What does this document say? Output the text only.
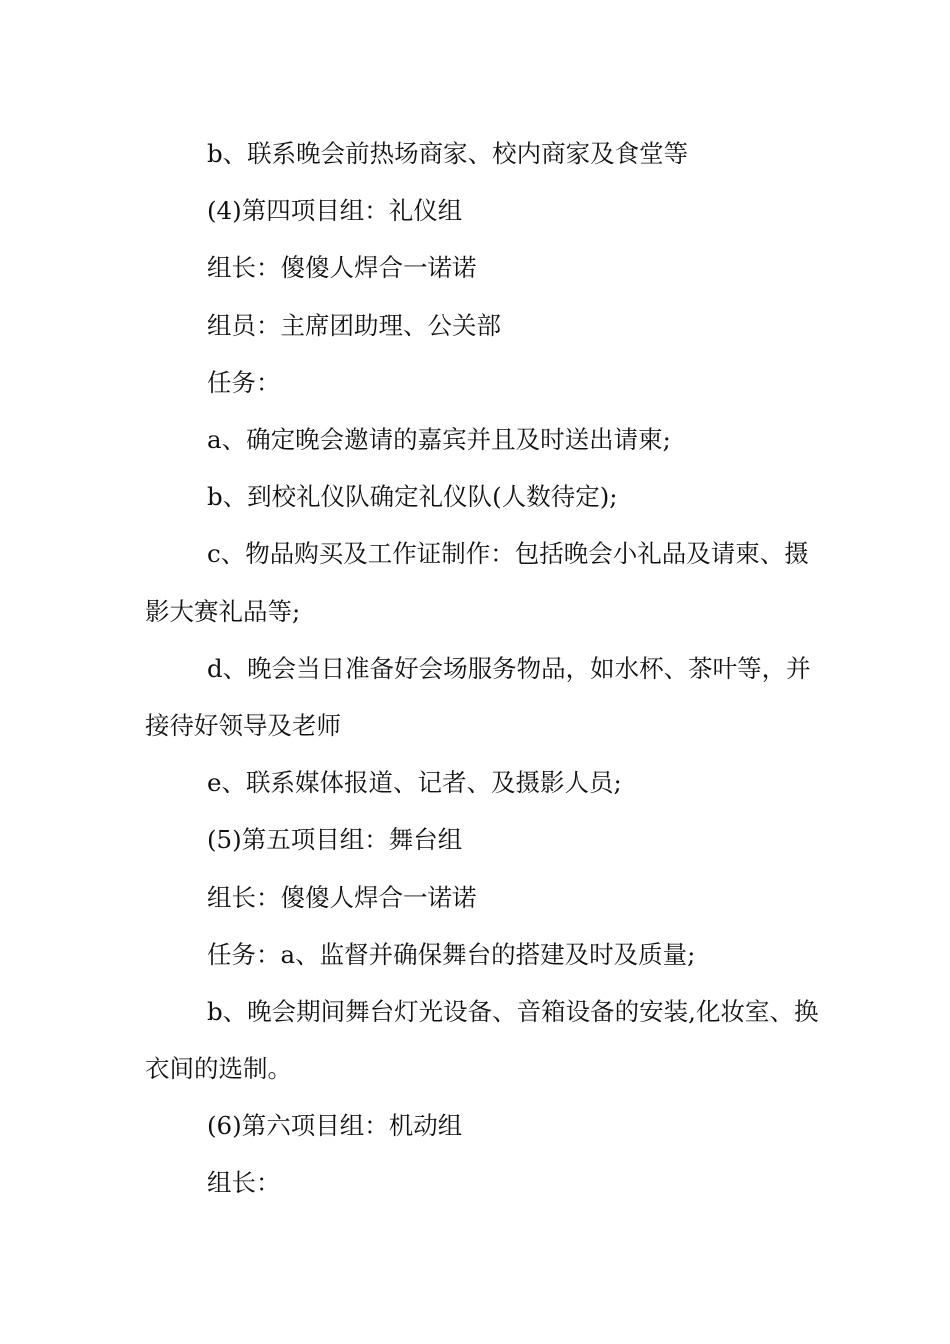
b、联系晚会前热场商家、校内商家及食堂等

(4)第四项目组：礼仪组

组长：傻傻人焊合一诺诺

组员：主席团助理、公关部

任务：

a、确定晚会邀请的嘉宾并且及时送出请柬;

b、到校礼仪队确定礼仪队(人数待定);

c、物品购买及工作证制作：包括晚会小礼品及请柬、摄影大赛礼品等;

d、晚会当日准备好会场服务物品，如水杯、茶叶等，并接待好领导及老师

e、联系媒体报道、记者、及摄影人员;

(5)第五项目组：舞台组

组长：傻傻人焊合一诺诺

任务：a、监督并确保舞台的搭建及时及质量;

b、晚会期间舞台灯光设备、音箱设备的安装,化妆室、换衣间的选制。

(6)第六项目组：机动组

组长：
